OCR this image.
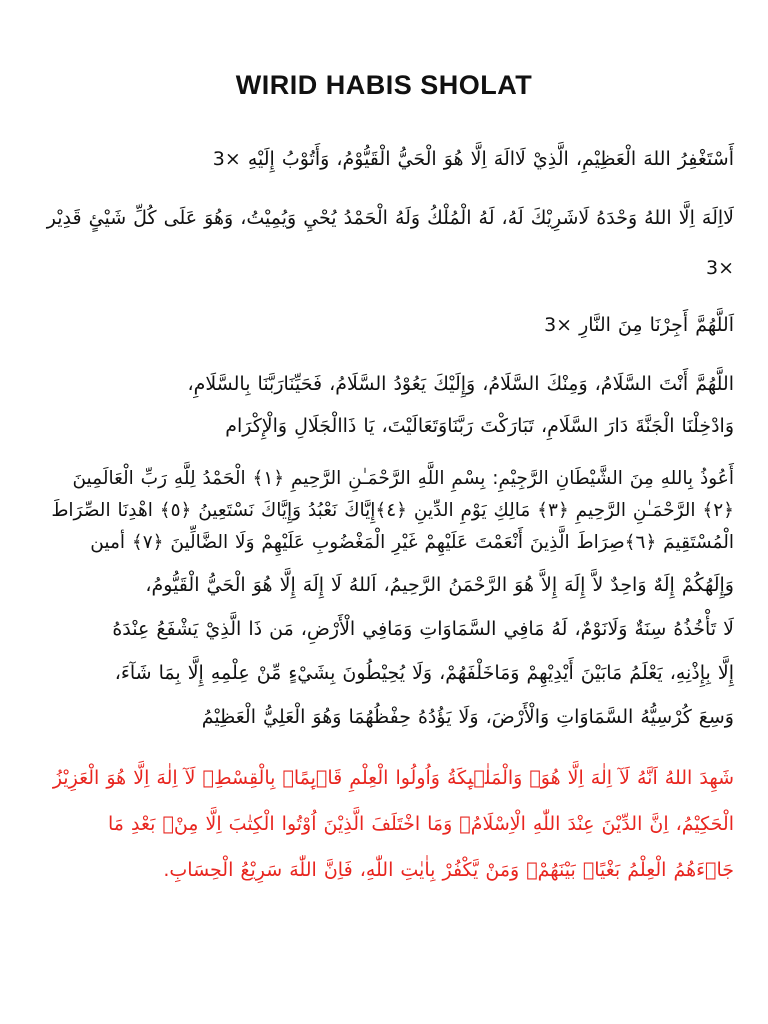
WIRID HABIS SHOLAT
أَسْتَغْفِرُ اللهَ الْعَظِيْمِ، الَّذِيْ لَاالَهَ اِلَّا هُوَ الْحَيُّ الْقَيُّوْمُ، وَأَتُوْبُ إِلَيْهِ 3×
لَااِلَهَ اِلَّا اللهُ وَحْدَهُ لَاشَرِيْكَ لَهُ، لَهُ الْمُلْكُ وَلَهُ الْحَمْدُ يُحْيِ وَيُمِيْتُ، وَهُوَ عَلَى كُلِّ شَيْئٍ قَدِيْر 3×
اَللَّهُمَّ أَجِرْنَا مِنَ النَّارِ 3×
اللَّهُمَّ أَنْتَ السَّلَامُ، وَمِنْكَ السَّلَامُ، وَإِلَيْكَ يَعُوْدُ السَّلَامُ، فَحَيِّنَارَبَّنَا بِالسَّلَامِ،
وَادْخِلْنَا الْجَنَّةَ دَارَ السَّلَامِ، تَبَارَكْتَ رَبَّنَاوَتَعَالَيْتَ، يَا ذَاالْجَلَالِ وَالْإِكْرَام
أَعُوذُ بِاللهِ مِنَ الشَّيْطَانِ الرَّجِيْمِ: بِسْمِ اللَّهِ الرَّحْمَـٰنِ الرَّحِيمِ ﴿١﴾ الْحَمْدُ لِلَّهِ رَبِّ الْعَالَمِينَ ﴿٢﴾ الرَّحْمَـٰنِ الرَّحِيمِ ﴿٣﴾ مَالِكِ يَوْمِ الدِّينِ ﴿٤﴾إِيَّاكَ نَعْبُدُ وَإِيَّاكَ نَسْتَعِينُ ﴿٥﴾ اهْدِنَا الصِّرَاطَ الْمُسْتَقِيمَ ﴿٦﴾صِرَاطَ الَّذِينَ أَنْعَمْتَ عَلَيْهِمْ غَيْرِ الْمَغْضُوبِ عَلَيْهِمْ وَلَا الضَّالِّينَ ﴿٧﴾ أمين
وَإِلَهُكُمْ إِلَهٌ وَاحِدٌ لاَّ إِلَهَ إِلاَّ هُوَ الرَّحْمَنُ الرَّحِيمُ، اَللهُ لَا إِلَهَ إِلَّا هُوَ الْحَيُّ الْقَيُّومُ،
لَا تَأْخُذُهُ سِنَةٌ وَلَانَوْمٌ، لَهُ مَافِي السَّمَاوَاتِ وَمَافِي الْأَرْضِ، مَن ذَا الَّذِيْ يَشْفَعُ عِنْدَهُ
إِلَّا بِإِذْنِهِ، يَعْلَمُ مَابَيْنَ أَيْدِيْهِمْ وَمَاخَلْفَهُمْ، وَلَا يُحِيْطُونَ بِشَيْءٍ مِّنْ عِلْمِهِ إِلَّا بِمَا شَآءَ،
وَسِعَ كُرْسِيُّهُ السَّمَاوَاتِ وَالْأَرْضَ، وَلَا يَؤُدُهُ حِفْظُهُمَا وَهُوَ الْعَلِيُّ الْعَظِيْمُ
شَهِدَ اللهُ اَنَّهُ لَآ اِلٰهَ اِلَّا هُوَۙ وَالْمَلٰۤىِٕكَةُ وَاُولُوا الْعِلْمِ قَاۤىِٕمًاۢ بِالْقِسْطِۗ لَآ اِلٰهَ اِلَّا هُوَ الْعَزِيْزُ
الْحَكِيْمُ، اِنَّ الدِّيْنَ عِنْدَ اللّٰهِ الْاِسْلَامُۗ وَمَا اخْتَلَفَ الَّذِيْنَ اُوْتُوا الْكِتٰبَ اِلَّا مِنْۢ بَعْدِ مَا
جَاۤءَهُمُ الْعِلْمُ بَغْيًاۢ بَيْنَهُمْۗ وَمَنْ يَّكْفُرْ بِاٰيٰتِ اللّٰهِ، فَاِنَّ اللّٰهَ سَرِيْعُ الْحِسَابِ.
